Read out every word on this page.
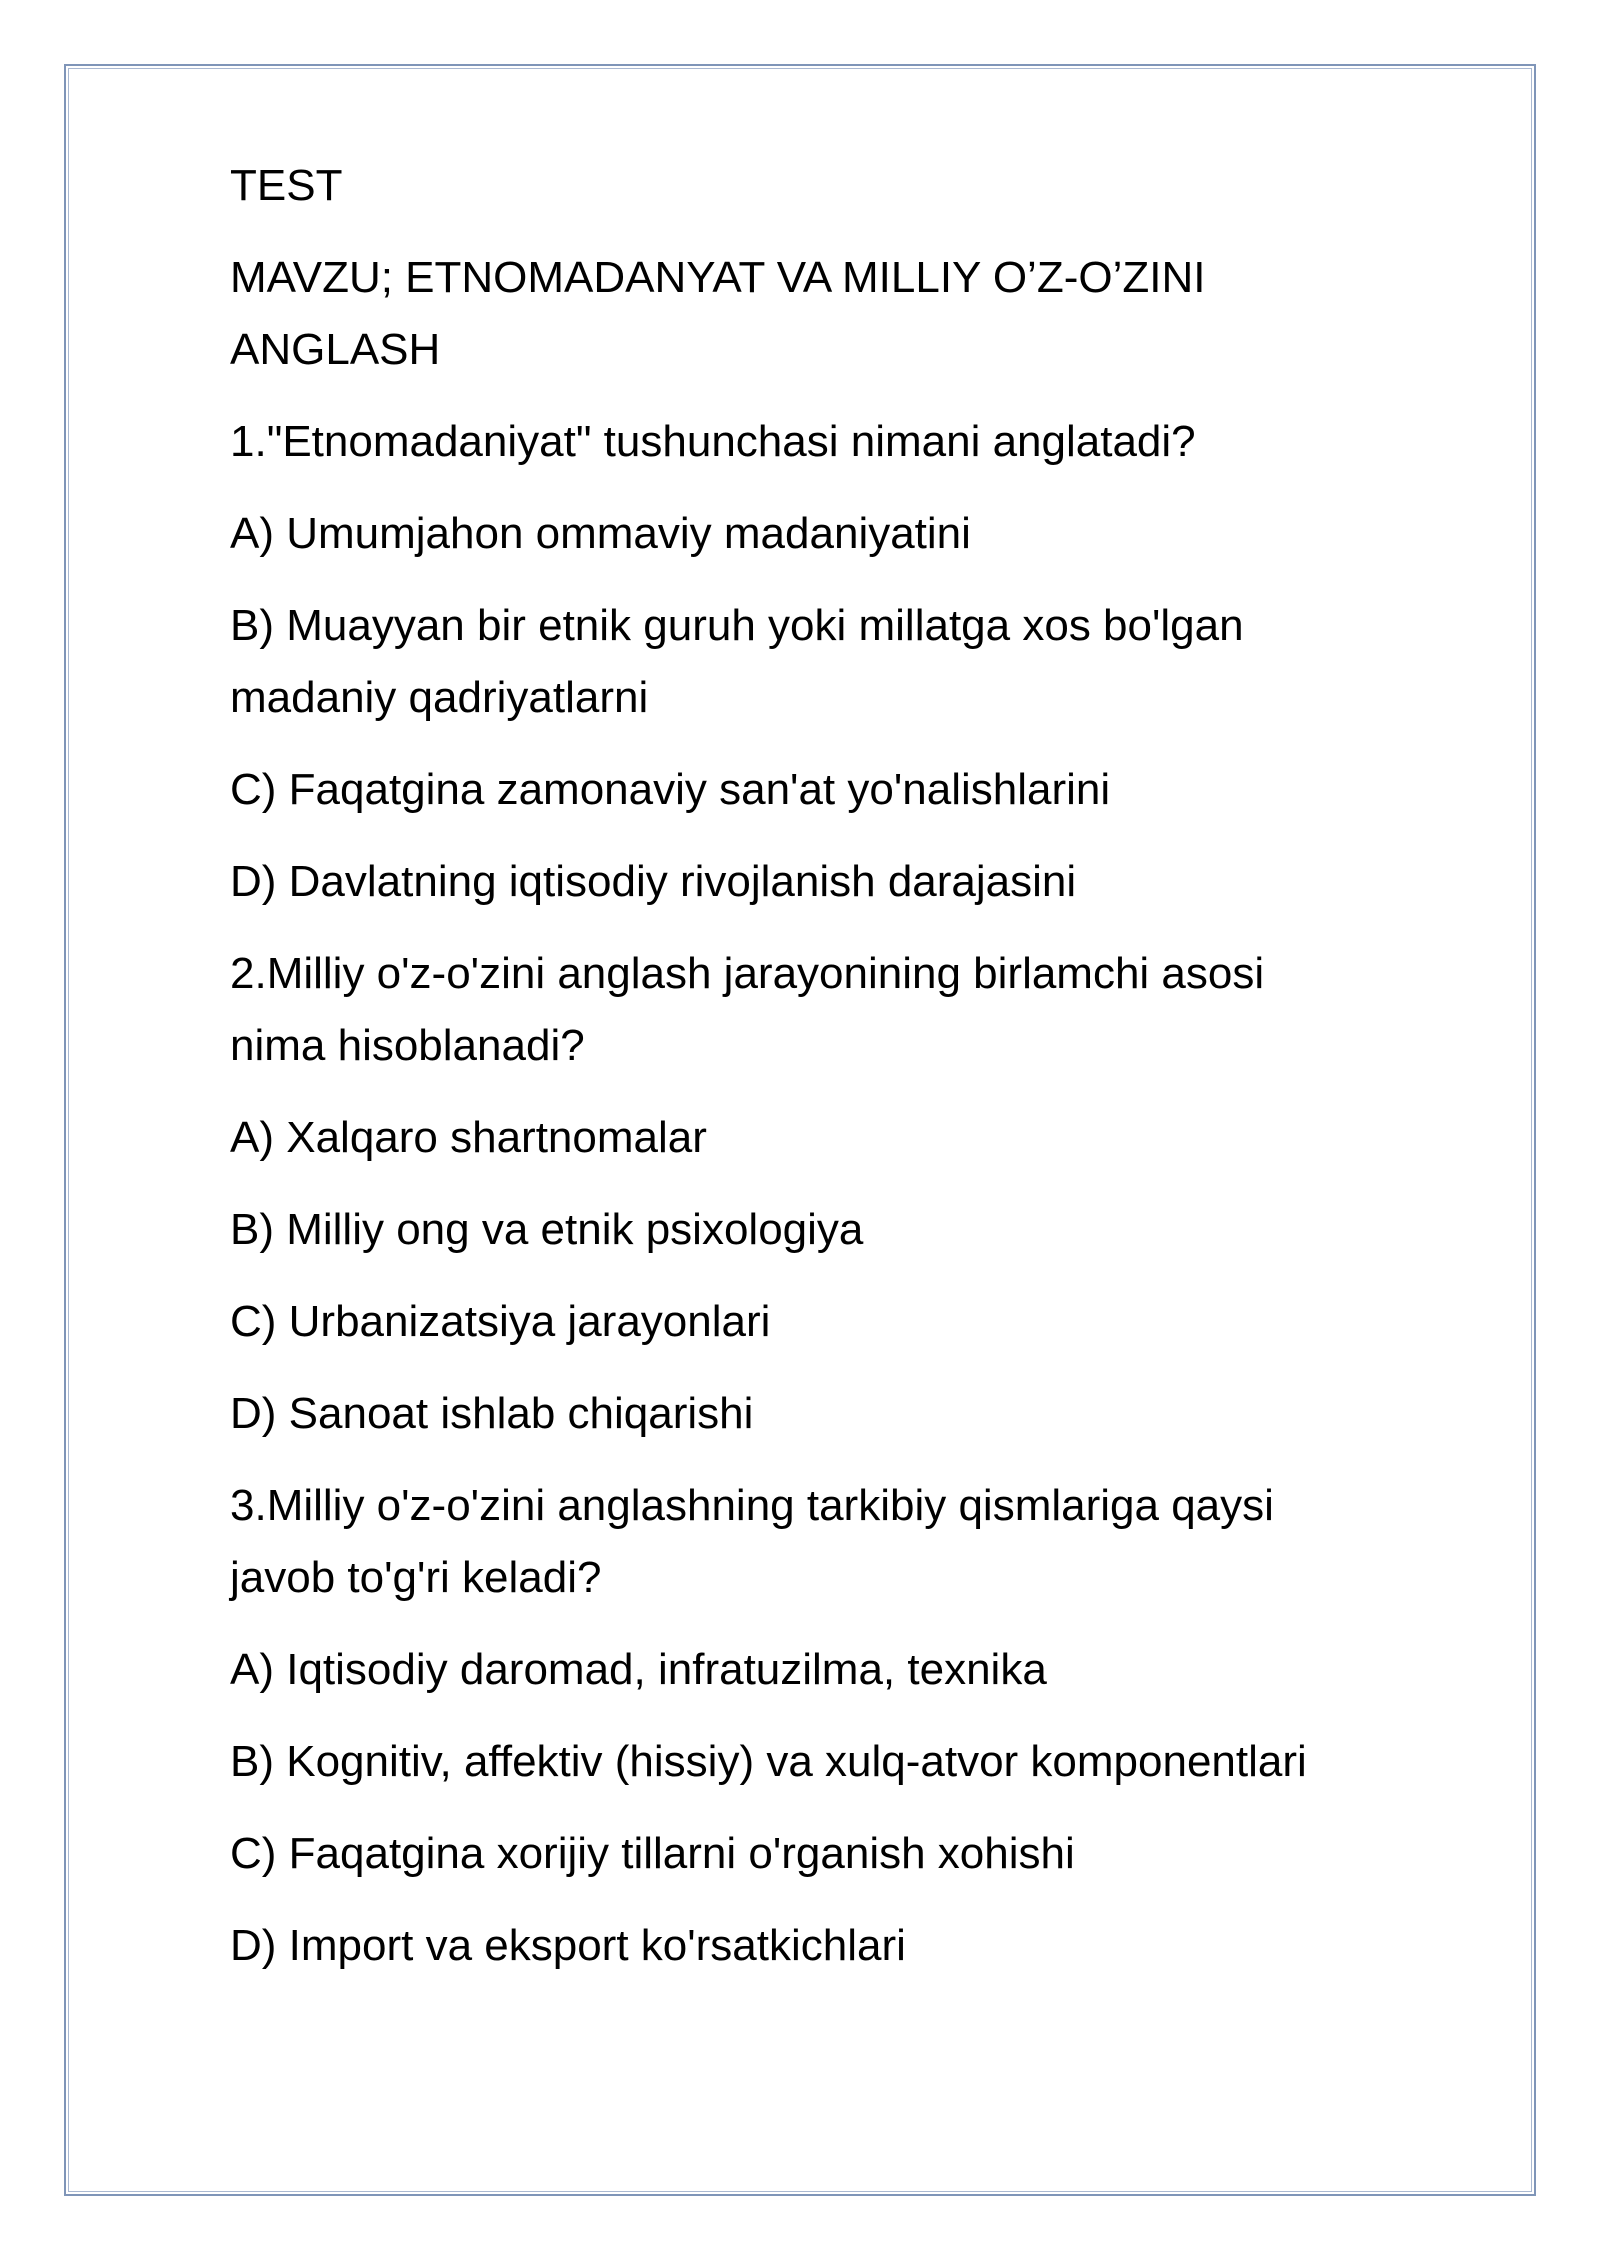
TEST
MAVZU; ETNOMADANYAT VA MILLIY O’Z-O’ZINI
ANGLASH
1."Etnomadaniyat" tushunchasi nimani anglatadi?
A) Umumjahon ommaviy madaniyatini
B) Muayyan bir etnik guruh yoki millatga xos bo'lgan
madaniy qadriyatlarni
C) Faqatgina zamonaviy san'at yo'nalishlarini
D) Davlatning iqtisodiy rivojlanish darajasini
2.Milliy o'z-o'zini anglash jarayonining birlamchi asosi
nima hisoblanadi?
A) Xalqaro shartnomalar
B) Milliy ong va etnik psixologiya
C) Urbanizatsiya jarayonlari
D) Sanoat ishlab chiqarishi
3.Milliy o'z-o'zini anglashning tarkibiy qismlariga qaysi
javob to'g'ri keladi?
A) Iqtisodiy daromad, infratuzilma, texnika
B) Kognitiv, affektiv (hissiy) va xulq-atvor komponentlari
C) Faqatgina xorijiy tillarni o'rganish xohishi
D) Import va eksport ko'rsatkichlari
